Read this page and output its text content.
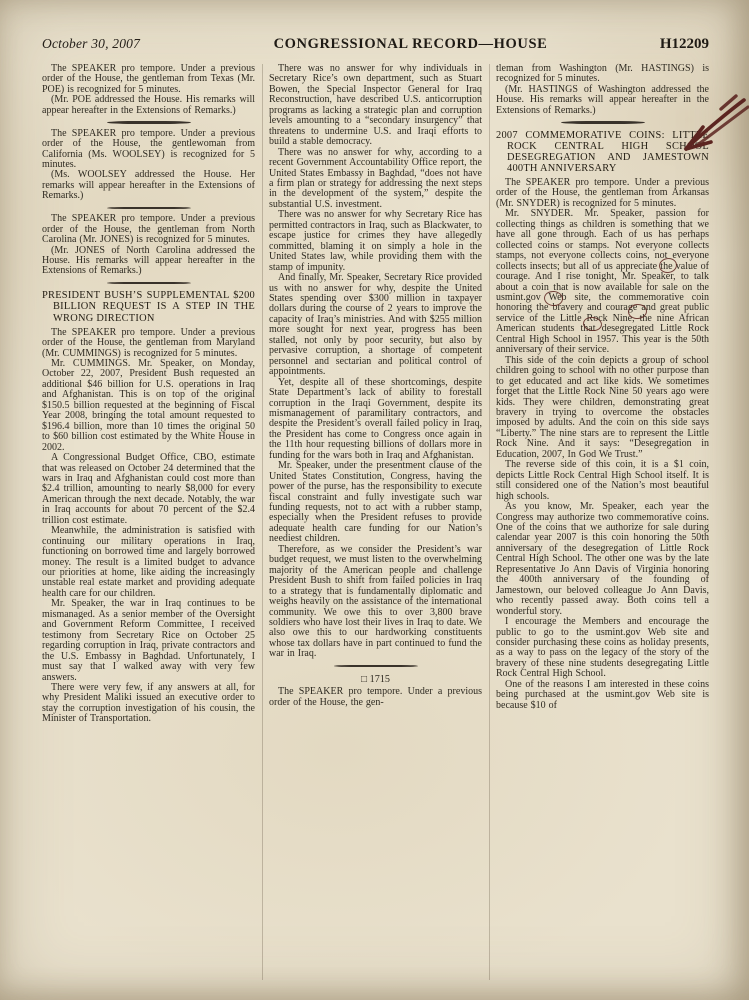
October 30, 2007	CONGRESSIONAL RECORD—HOUSE	H12209

The SPEAKER pro tempore. Under a previous order of the House, the gentleman from Texas (Mr. POE) is recognized for 5 minutes.

(Mr. POE addressed the House. His remarks will appear hereafter in the Extensions of Remarks.)

The SPEAKER pro tempore. Under a previous order of the House, the gentlewoman from California (Ms. WOOLSEY) is recognized for 5 minutes.

(Ms. WOOLSEY addressed the House. Her remarks will appear hereafter in the Extensions of Remarks.)

The SPEAKER pro tempore. Under a previous order of the House, the gentleman from North Carolina (Mr. JONES) is recognized for 5 minutes.

(Mr. JONES of North Carolina addressed the House. His remarks will appear hereafter in the Extensions of Remarks.)

PRESIDENT BUSH’S SUPPLEMENTAL $200 BILLION REQUEST IS A STEP IN THE WRONG DIRECTION

The SPEAKER pro tempore. Under a previous order of the House, the gentleman from Maryland (Mr. CUMMINGS) is recognized for 5 minutes.

Mr. CUMMINGS. Mr. Speaker, on Monday, October 22, 2007, President Bush requested an additional $46 billion for U.S. operations in Iraq and Afghanistan. This is on top of the original $150.5 billion requested at the beginning of Fiscal Year 2008, bringing the total amount requested to $196.4 billion, more than 10 times the original 50 to $60 billion cost estimated by the White House in 2002.

A Congressional Budget Office, CBO, estimate that was released on October 24 determined that the wars in Iraq and Afghanistan could cost more than $2.4 trillion, amounting to nearly $8,000 for every American through the next decade. Notably, the war in Iraq accounts for about 70 percent of the $2.4 trillion cost estimate.

Meanwhile, the administration is satisfied with continuing our military operations in Iraq, functioning on borrowed time and largely borrowed money. The result is a limited budget to advance our priorities at home, like aiding the increasingly unstable real estate market and providing adequate health care for our children.

Mr. Speaker, the war in Iraq continues to be mismanaged. As a senior member of the Oversight and Government Reform Committee, I received testimony from Secretary Rice on October 25 regarding corruption in Iraq, private contractors and the U.S. Embassy in Baghdad. Unfortunately, I must say that I walked away with very few answers.

There were very few, if any answers at all, for why President Maliki issued an executive order to stay the corruption investigation of his cousin, the Minister of Transportation.

There was no answer for why individuals in Secretary Rice’s own department, such as Stuart Bowen, the Special Inspector General for Iraq Reconstruction, have described U.S. anticorruption programs as lacking a strategic plan and corruption levels amounting to a “secondary insurgency” that threatens to undermine U.S. and Iraqi efforts to build a stable democracy.

There was no answer for why, according to a recent Government Accountability Office report, the United States Embassy in Baghdad, “does not have a firm plan or strategy for addressing the next steps in the development of the system,” despite the substantial U.S. investment.

There was no answer for why Secretary Rice has permitted contractors in Iraq, such as Blackwater, to escape justice for crimes they have allegedly committed, blaming it on simply a hole in the United States law, while providing them with the stamp of impunity.

And finally, Mr. Speaker, Secretary Rice provided us with no answer for why, despite the United States spending over $300 million in taxpayer dollars during the course of 2 years to improve the capacity of Iraq’s ministries. And with $255 million more sought for next year, progress has been stalled, not only by poor security, but also by pervasive corruption, a shortage of competent personnel and sectarian and political control of appointments.

Yet, despite all of these shortcomings, despite State Department’s lack of ability to forestall corruption in the Iraqi Government, despite its mismanagement of paramilitary contractors, and despite the President’s overall failed policy in Iraq, the President has come to Congress once again in the 11th hour requesting billions of dollars more in funding for the wars both in Iraq and Afghanistan.

Mr. Speaker, under the presentment clause of the United States Constitution, Congress, having the power of the purse, has the responsibility to execute fiscal constraint and fully investigate such war funding requests, not to act with a rubber stamp, especially when the President refuses to provide adequate health care funding for our Nation’s neediest children.

Therefore, as we consider the President’s war budget request, we must listen to the overwhelming majority of the American people and challenge President Bush to shift from failed policies in Iraq to a strategy that is fundamentally diplomatic and weighs heavily on the assistance of the international community. We owe this to over 3,800 brave soldiers who have lost their lives in Iraq to date. We also owe this to our hardworking constituents whose tax dollars have in part continued to fund the war in Iraq.

□ 1715

The SPEAKER pro tempore. Under a previous order of the House, the gen-

tleman from Washington (Mr. HASTINGS) is recognized for 5 minutes.

(Mr. HASTINGS of Washington addressed the House. His remarks will appear hereafter in the Extensions of Remarks.)

2007 COMMEMORATIVE COINS: LITTLE ROCK CENTRAL HIGH SCHOOL DESEGREGATION AND JAMESTOWN 400TH ANNIVERSARY

The SPEAKER pro tempore. Under a previous order of the House, the gentleman from Arkansas (Mr. SNYDER) is recognized for 5 minutes.

Mr. SNYDER. Mr. Speaker, passion for collecting things as children is something that we have all gone through. Each of us has perhaps collected coins or stamps. Not everyone collects stamps, not everyone collects coins, not everyone collects insects; but all of us appreciate the value of courage. And I rise tonight, Mr. Speaker, to talk about a coin that is now available for sale on the usmint.gov Web site, the commemorative coin honoring the bravery and courage and great public service of the Little Rock Nine, the nine African American students that desegregated Little Rock Central High School in 1957. This year is the 50th anniversary of their service.

This side of the coin depicts a group of school children going to school with no other purpose than to get educated and act like kids. We sometimes forget that the Little Rock Nine 50 years ago were kids. They were children, demonstrating great bravery in trying to overcome the obstacles imposed by adults. And the coin on this side says “Liberty.” The nine stars are to represent the Little Rock Nine. And it says: “Desegregation in Education, 2007, In God We Trust.”

The reverse side of this coin, it is a $1 coin, depicts Little Rock Central High School itself. It is still considered one of the Nation’s most beautiful high schools.

As you know, Mr. Speaker, each year the Congress may authorize two commemorative coins. One of the coins that we authorize for sale during calendar year 2007 is this coin honoring the 50th anniversary of the desegregation of Little Rock Central High School. The other one was by the late Representative Jo Ann Davis of Virginia honoring the 400th anniversary of the founding of Jamestown, our beloved colleague Jo Ann Davis, who recently passed away. Both coins tell a wonderful story.

I encourage the Members and encourage the public to go to the usmint.gov Web site and consider purchasing these coins as holiday presents, as a way to pass on the legacy of the story of the bravery of these nine students desegregating Little Rock Central High School.

One of the reasons I am interested in these coins being purchased at the usmint.gov Web site is because $10 of
